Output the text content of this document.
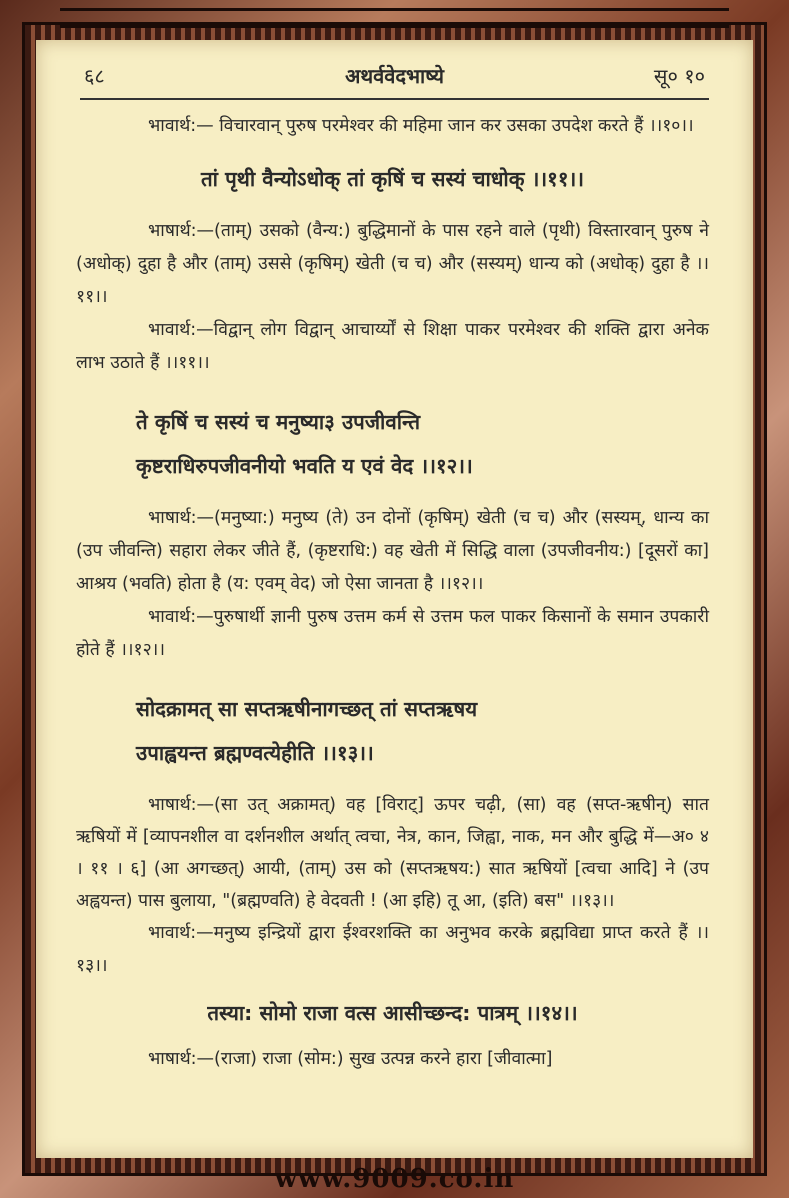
६८	अथर्ववेदभाष्ये	सू० १०

भावार्थ:— विचारवान् पुरुष परमेश्वर की महिमा जान कर उसका उपदेश करते हैं ।।१०।।

तां पृथी वैन्योऽधोक् तां कृषिं च सस्यं चाधोक् ।।११।।

भाषार्थ:—(ताम्) उसको (वैन्य:) बुद्धिमानों के पास रहने वाले (पृथी) विस्तारवान् पुरुष ने (अधोक्) दुहा है और (ताम्) उससे (कृषिम्) खेती (च च) और (सस्यम्) धान्य को (अधोक्) दुहा है ।।११।।

भावार्थ:—विद्वान् लोग विद्वान् आचार्य्यों से शिक्षा पाकर परमेश्वर की शक्ति द्वारा अनेक लाभ उठाते हैं ।।११।।

ते कृषिं च सस्यं च मनुष्या३ उपजीवन्ति

कृष्टराधिरुपजीवनीयो भवति य एवं वेद ।।१२।।

भाषार्थ:—(मनुष्या:) मनुष्य (ते) उन दोनों (कृषिम्) खेती (च च) और (सस्यम्, धान्य का (उप जीवन्ति) सहारा लेकर जीते हैं, (कृष्टराधि:) वह खेती में सिद्धि वाला (उपजीवनीय:) [दूसरों का] आश्रय (भवति) होता है (य: एवम् वेद) जो ऐसा जानता है ।।१२।।

भावार्थ:—पुरुषार्थी ज्ञानी पुरुष उत्तम कर्म से उत्तम फल पाकर किसानों के समान उपकारी होते हैं ।।१२।।

सोदक्रामत् सा सप्तऋषीनागच्छत् तां सप्तऋषय

उपाह्वयन्त ब्रह्मण्वत्येहीति ।।१३।।

भाषार्थ:—(सा उत् अक्रामत्) वह [विराट्] ऊपर चढ़ी, (सा) वह (सप्त-ऋषीन्) सात ऋषियों में [व्यापनशील वा दर्शनशील अर्थात् त्वचा, नेत्र, कान, जिह्वा, नाक, मन और बुद्धि में—अ० ४ । ११ । ६] (आ अगच्छत्) आयी, (ताम्) उस को (सप्तऋषय:) सात ऋषियों [त्वचा आदि] ने (उप अह्वयन्त) पास बुलाया, "(ब्रह्मण्वति) हे वेदवती ! (आ इहि) तू आ, (इति) बस" ।।१३।।

भावार्थ:—मनुष्य इन्द्रियों द्वारा ईश्वरशक्ति का अनुभव करके ब्रह्मविद्या प्राप्त करते हैं ।।१३।।

तस्या: सोमो राजा वत्स आसीच्छन्द: पात्रम् ।।१४।।

भाषार्थ:—(राजा) राजा (सोम:) सुख उत्पन्न करने हारा [जीवात्मा]

www.9009.co.in
